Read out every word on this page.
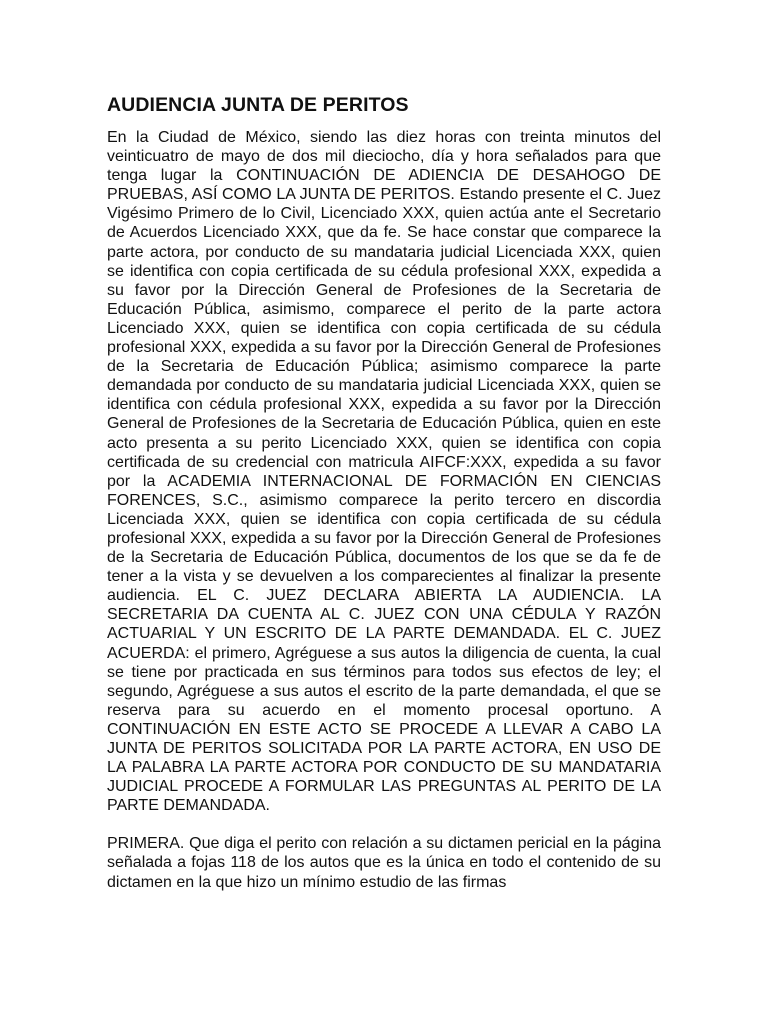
AUDIENCIA JUNTA DE PERITOS

En la Ciudad de México, siendo las diez horas con treinta minutos del veinticuatro de mayo de dos mil dieciocho, día y hora señalados para que tenga lugar la CONTINUACIÓN DE ADIENCIA DE DESAHOGO DE PRUEBAS, ASÍ COMO LA JUNTA DE PERITOS. Estando presente el C. Juez Vigésimo Primero de lo Civil, Licenciado XXX, quien actúa ante el Secretario de Acuerdos Licenciado XXX, que da fe. Se hace constar que comparece la parte actora, por conducto de su mandataria judicial Licenciada XXX, quien se identifica con copia certificada de su cédula profesional XXX, expedida a su favor por la Dirección General de Profesiones de la Secretaria de Educación Pública, asimismo, comparece el perito de la parte actora Licenciado XXX, quien se identifica con copia certificada de su cédula profesional XXX, expedida a su favor por la Dirección General de Profesiones de la Secretaria de Educación Pública; asimismo comparece la parte demandada por conducto de su mandataria judicial Licenciada XXX, quien se identifica con cédula profesional XXX, expedida a su favor por la Dirección General de Profesiones de la Secretaria de Educación Pública, quien en este acto presenta a su perito Licenciado XXX, quien se identifica con copia certificada de su credencial con matricula AIFCF:XXX, expedida a su favor por la ACADEMIA INTERNACIONAL DE FORMACIÓN EN CIENCIAS FORENCES, S.C., asimismo comparece la perito tercero en discordia Licenciada XXX, quien se identifica con copia certificada de su cédula profesional XXX, expedida a su favor por la Dirección General de Profesiones de la Secretaria de Educación Pública, documentos de los que se da fe de tener a la vista y se devuelven a los comparecientes al finalizar la presente audiencia. EL C. JUEZ DECLARA ABIERTA LA AUDIENCIA. LA SECRETARIA DA CUENTA AL C. JUEZ CON UNA CÉDULA Y RAZÓN ACTUARIAL Y UN ESCRITO DE LA PARTE DEMANDADA. EL C. JUEZ ACUERDA: el primero, Agréguese a sus autos la diligencia de cuenta, la cual se tiene por practicada en sus términos para todos sus efectos de ley; el segundo, Agréguese a sus autos el escrito de la parte demandada, el que se reserva para su acuerdo en el momento procesal oportuno. A CONTINUACIÓN EN ESTE ACTO SE PROCEDE A LLEVAR A CABO LA JUNTA DE PERITOS SOLICITADA POR LA PARTE ACTORA, EN USO DE LA PALABRA LA PARTE ACTORA POR CONDUCTO DE SU MANDATARIA JUDICIAL PROCEDE A FORMULAR LAS PREGUNTAS AL PERITO DE LA PARTE DEMANDADA.

PRIMERA. Que diga el perito con relación a su dictamen pericial en la página señalada a fojas 118 de los autos que es la única en todo el contenido de su dictamen en la que hizo un mínimo estudio de las firmas
